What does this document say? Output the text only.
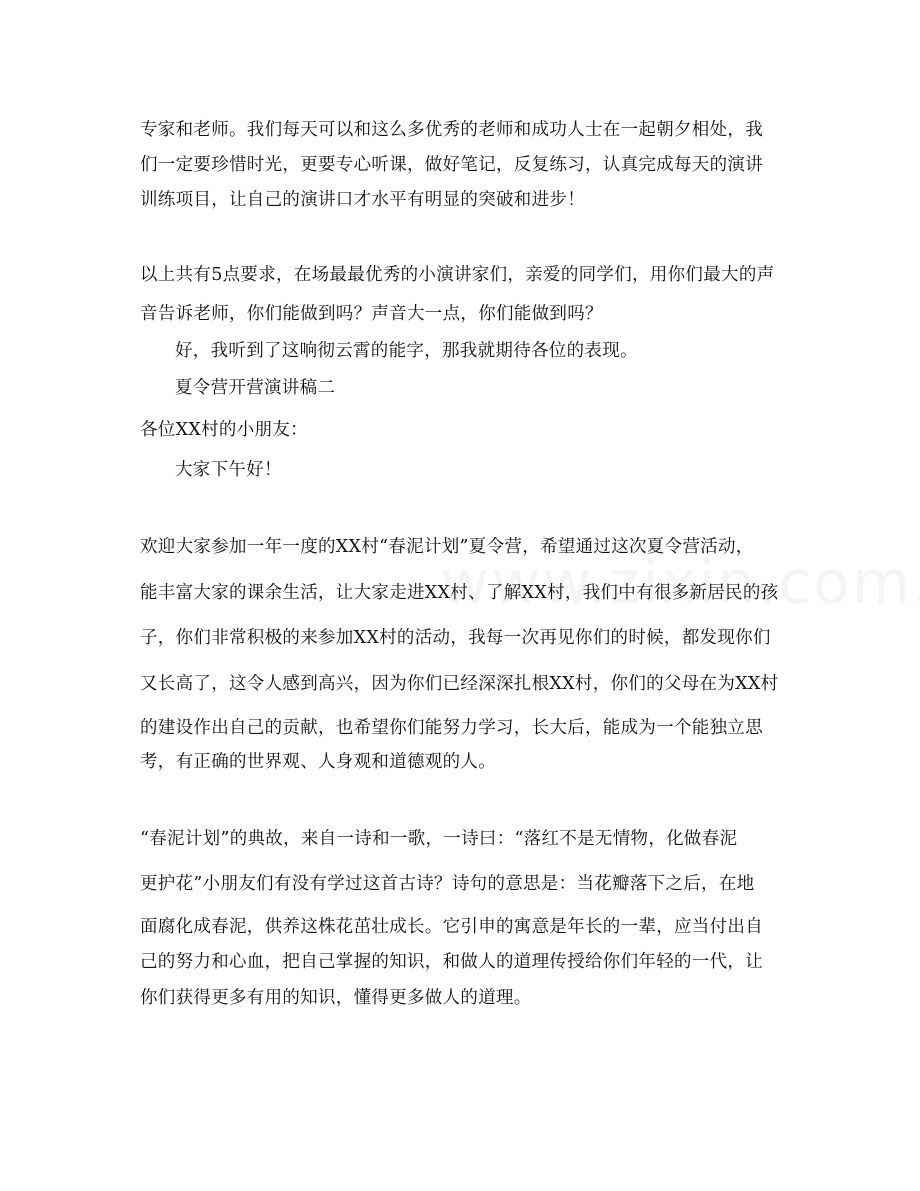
专家和老师。我们每天可以和这么多优秀的老师和成功人士在一起朝夕相处，我
们一定要珍惜时光，更要专心听课，做好笔记，反复练习，认真完成每天的演讲
训练项目，让自己的演讲口才水平有明显的突破和进步！
以上共有5点要求，在场最最优秀的小演讲家们，亲爱的同学们，用你们最大的声
音告诉老师，你们能做到吗？声音大一点，你们能做到吗？
好，我听到了这响彻云霄的能字，那我就期待各位的表现。
夏令营开营演讲稿二
各位XX村的小朋友：
大家下午好！
欢迎大家参加一年一度的XX村“春泥计划”夏令营，希望通过这次夏令营活动，
能丰富大家的课余生活，让大家走进XX村、了解XX村，我们中有很多新居民的孩
子，你们非常积极的来参加XX村的活动，我每一次再见你们的时候，都发现你们
又长高了，这令人感到高兴，因为你们已经深深扎根XX村，你们的父母在为XX村
的建设作出自己的贡献，也希望你们能努力学习，长大后，能成为一个能独立思
考，有正确的世界观、人身观和道德观的人。
“春泥计划”的典故，来自一诗和一歌，一诗曰：“落红不是无情物，化做春泥
更护花”小朋友们有没有学过这首古诗？诗句的意思是：当花瓣落下之后，在地
面腐化成春泥，供养这株花茁壮成长。它引申的寓意是年长的一辈，应当付出自
己的努力和心血，把自己掌握的知识，和做人的道理传授给你们年轻的一代，让
你们获得更多有用的知识，懂得更多做人的道理。
